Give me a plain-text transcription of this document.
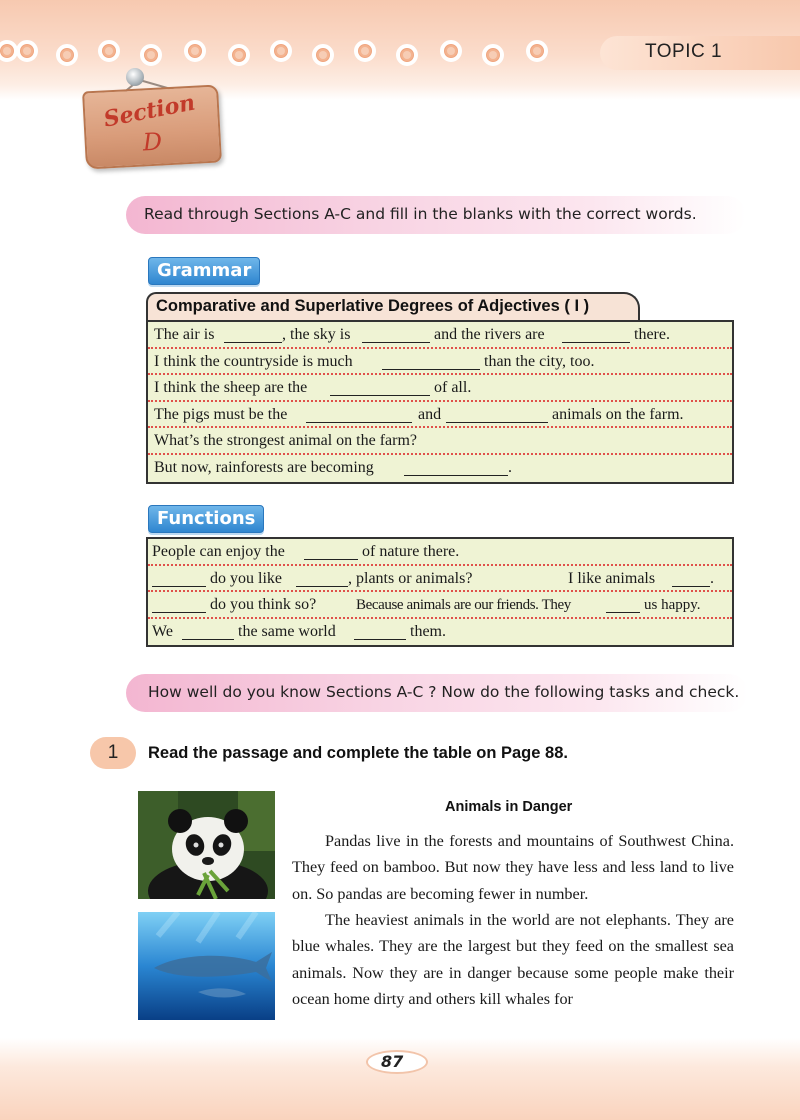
TOPIC 1
Section
D
Read through Sections A-C and fill in the blanks with the correct words.
Grammar
Comparative and Superlative Degrees of Adjectives ( I )
The air is	, the sky is	and the rivers are	there.
I think the countryside is much	than the city, too.
I think the sheep are the	of all.
The pigs must be the	and	animals on the farm.
What’s the strongest animal on the farm?
But now, rainforests are becoming	.
Functions
People can enjoy the	of nature there.
do you like	, plants or animals?	I like animals	.
do you think so?	Because animals are our friends. They	us happy.
We	the same world	them.
How well do you know Sections A-C ? Now do the following tasks and check.
1	Read the passage and complete the table on Page 88.
Animals in Danger
Pandas live in the forests and mountains of Southwest China. They feed on bamboo. But now they have less and less land to live on. So pandas are becoming fewer in number.
The heaviest animals in the world are not elephants. They are blue whales. They are the largest but they feed on the smallest sea animals. Now they are in danger because some people make their ocean home dirty and others kill whales for
87
